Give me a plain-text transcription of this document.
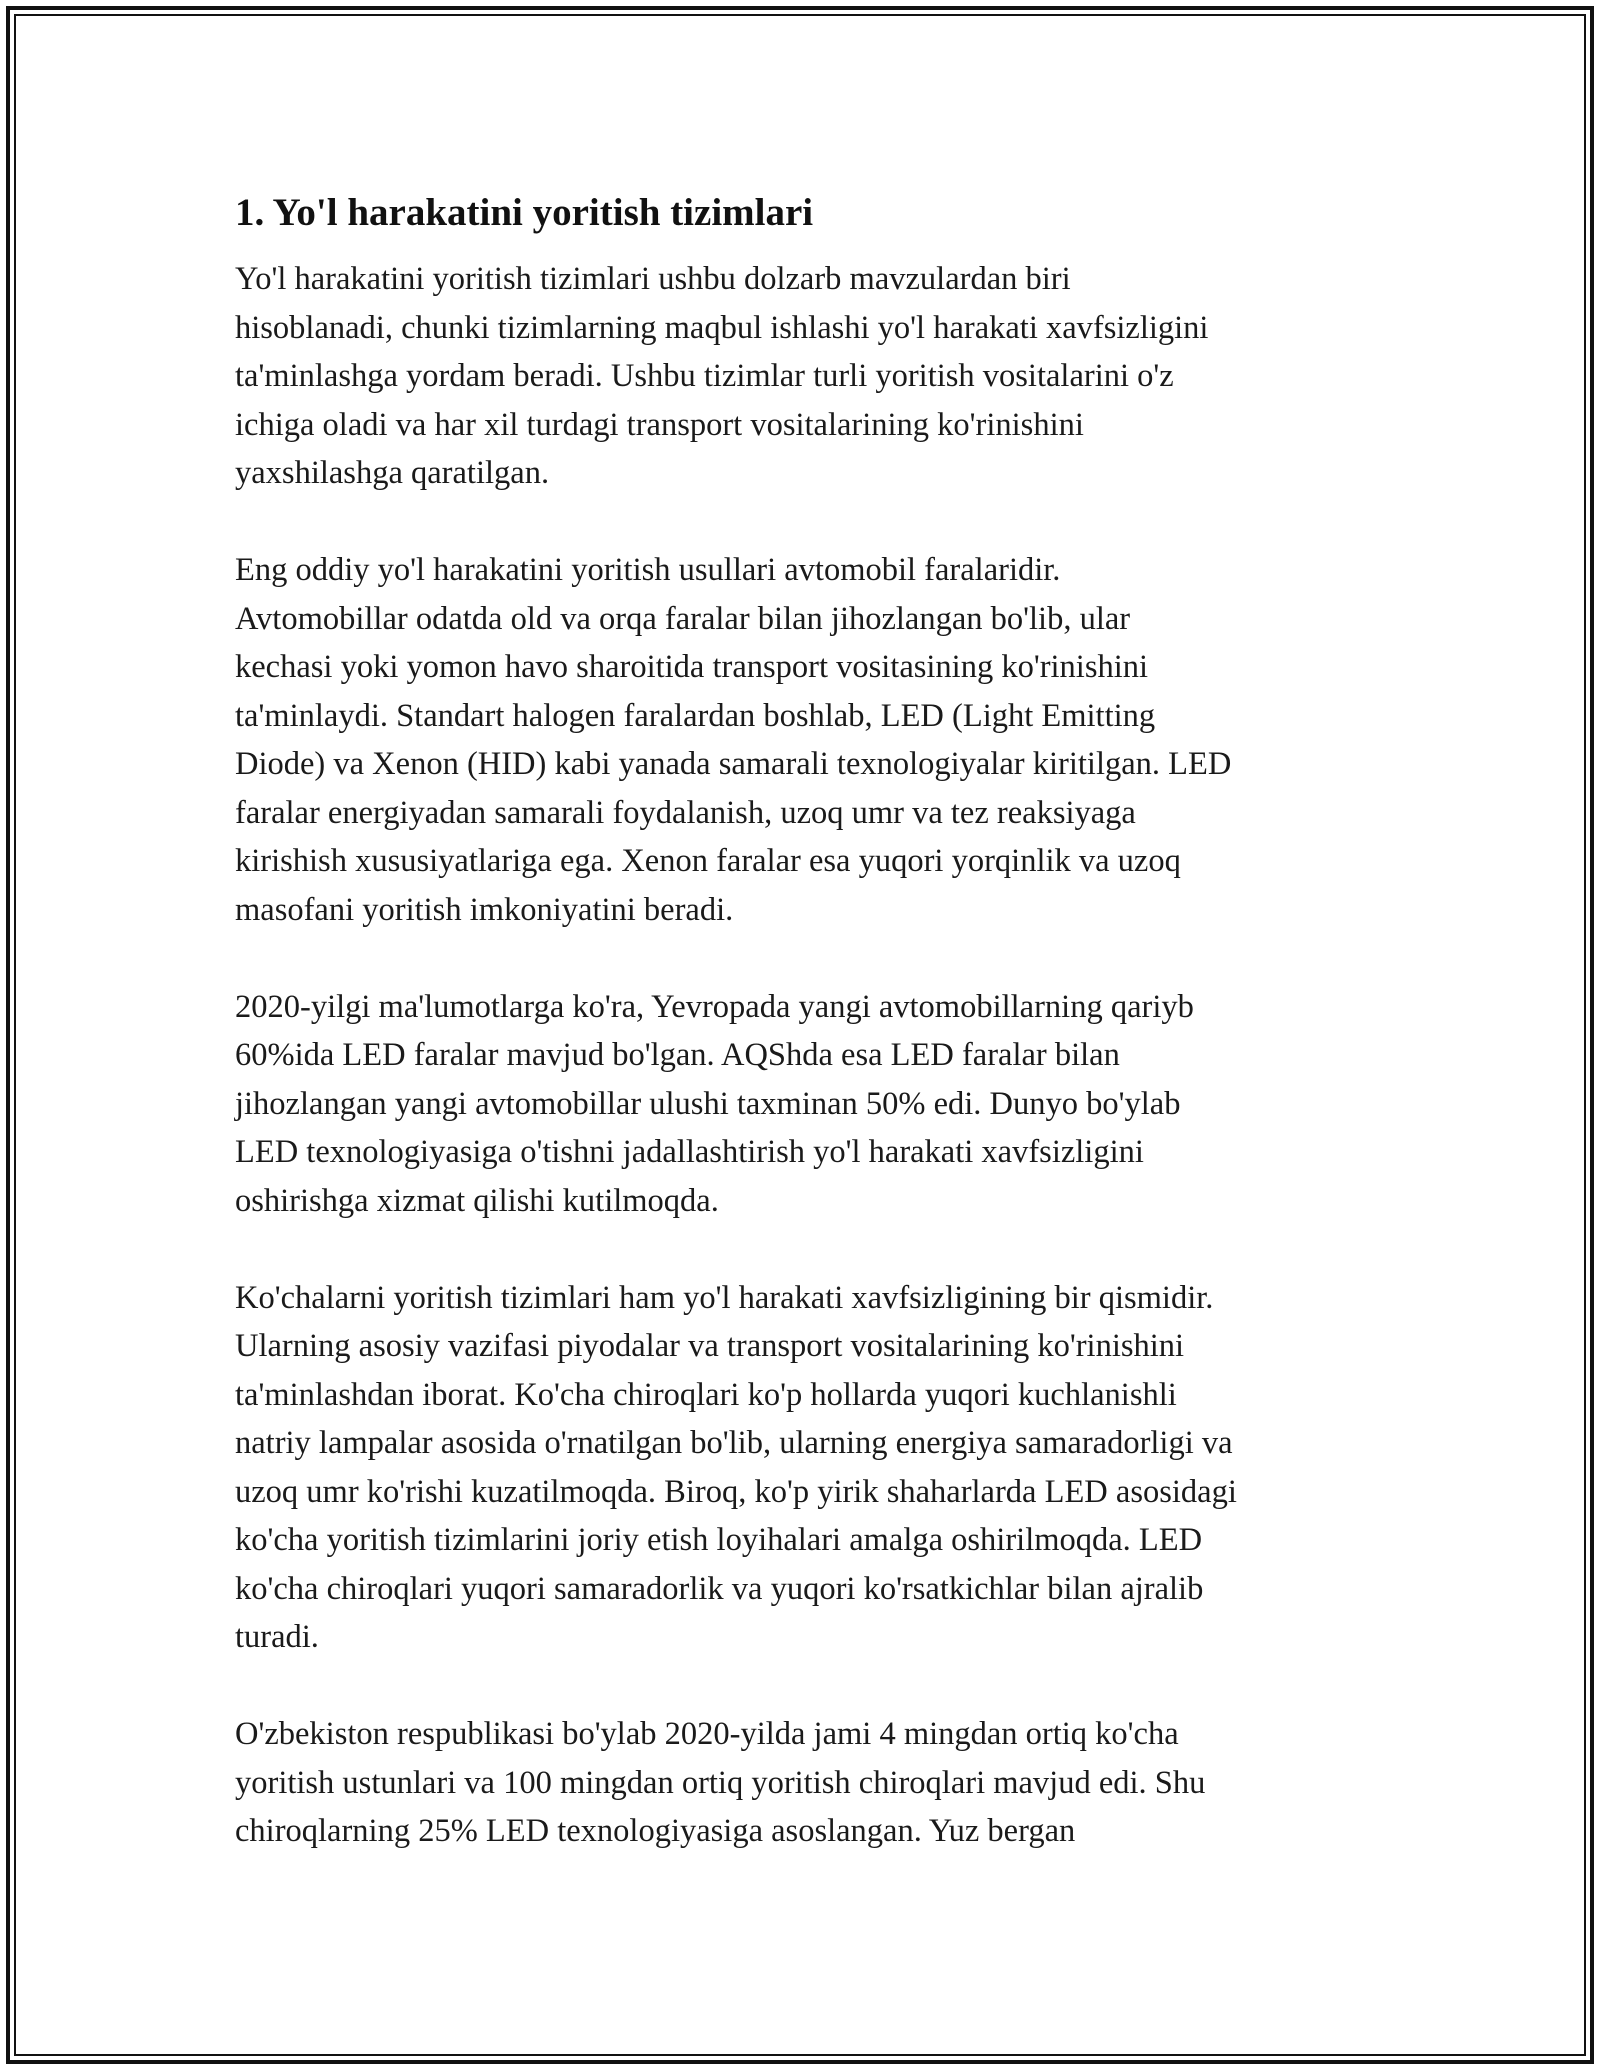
1. Yo'l harakatini yoritish tizimlari

Yo'l harakatini yoritish tizimlari ushbu dolzarb mavzulardan biri
hisoblanadi, chunki tizimlarning maqbul ishlashi yo'l harakati xavfsizligini
ta'minlashga yordam beradi. Ushbu tizimlar turli yoritish vositalarini o'z
ichiga oladi va har xil turdagi transport vositalarining ko'rinishini
yaxshilashga qaratilgan.

Eng oddiy yo'l harakatini yoritish usullari avtomobil faralaridir.
Avtomobillar odatda old va orqa faralar bilan jihozlangan bo'lib, ular
kechasi yoki yomon havo sharoitida transport vositasining ko'rinishini
ta'minlaydi. Standart halogen faralardan boshlab, LED (Light Emitting
Diode) va Xenon (HID) kabi yanada samarali texnologiyalar kiritilgan. LED
faralar energiyadan samarali foydalanish, uzoq umr va tez reaksiyaga
kirishish xususiyatlariga ega. Xenon faralar esa yuqori yorqinlik va uzoq
masofani yoritish imkoniyatini beradi.

2020-yilgi ma'lumotlarga ko'ra, Yevropada yangi avtomobillarning qariyb
60%ida LED faralar mavjud bo'lgan. AQShda esa LED faralar bilan
jihozlangan yangi avtomobillar ulushi taxminan 50% edi. Dunyo bo'ylab
LED texnologiyasiga o'tishni jadallashtirish yo'l harakati xavfsizligini
oshirishga xizmat qilishi kutilmoqda.

Ko'chalarni yoritish tizimlari ham yo'l harakati xavfsizligining bir qismidir.
Ularning asosiy vazifasi piyodalar va transport vositalarining ko'rinishini
ta'minlashdan iborat. Ko'cha chiroqlari ko'p hollarda yuqori kuchlanishli
natriy lampalar asosida o'rnatilgan bo'lib, ularning energiya samaradorligi va
uzoq umr ko'rishi kuzatilmoqda. Biroq, ko'p yirik shaharlarda LED asosidagi
ko'cha yoritish tizimlarini joriy etish loyihalari amalga oshirilmoqda. LED
ko'cha chiroqlari yuqori samaradorlik va yuqori ko'rsatkichlar bilan ajralib
turadi.

O'zbekiston respublikasi bo'ylab 2020-yilda jami 4 mingdan ortiq ko'cha
yoritish ustunlari va 100 mingdan ortiq yoritish chiroqlari mavjud edi. Shu
chiroqlarning 25% LED texnologiyasiga asoslangan. Yuz bergan
